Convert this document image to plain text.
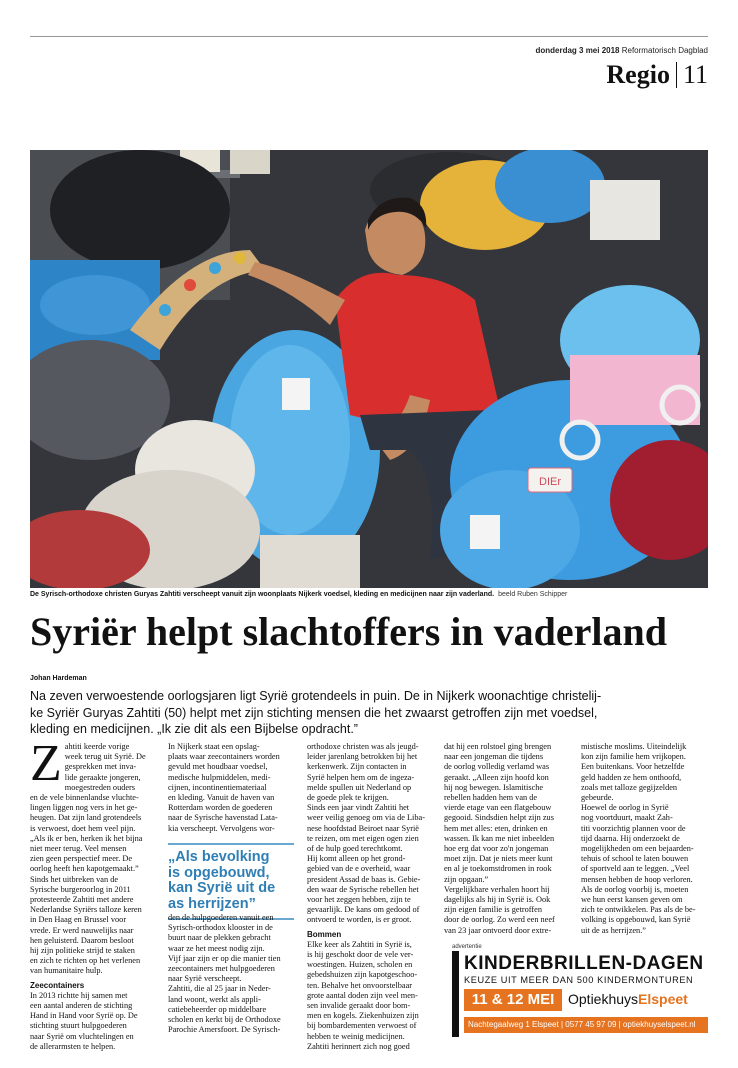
donderdag 3 mei 2018 Reformatorisch Dagblad
Regio 11
DIEr
De Syrisch-orthodoxe christen Guryas Zahtiti verscheept vanuit zijn woonplaats Nijkerk voedsel, kleding en medicijnen naar zijn vaderland. beeld Ruben Schipper
Syriër helpt slachtoffers in vaderland
Johan Hardeman

Na zeven verwoestende oorlogsjaren ligt Syrië grotendeels in puin. De in Nijkerk woonachtige christelij-

ke Syriër Guryas Zahtiti (50) helpt met zijn stichting mensen die het zwaarst getroffen zijn met voedsel,

kleding en medicijnen. „Ik zie dit als een Bijbelse opdracht.”

Z ahtiti keerde vorige

week terug uit Syrië. De

gesprekken met inva-

lide geraakte jongeren,

moegestreden ouders

en de vele binnenlandse vluchte-

lingen liggen nog vers in het ge-

heugen. Dat zijn land grotendeels

is verwoest, doet hem veel pijn.

„Als ik er ben, herken ik het bijna

niet meer terug. Veel mensen

zien geen perspectief meer. De

oorlog heeft hen kapotgemaakt.”

Sinds het uitbreken van de

Syrische burgeroorlog in 2011

protesteerde Zahtiti met andere

Nederlandse Syriërs talloze keren

in Den Haag en Brussel voor

vrede. Er werd nauwelijks naar

hen geluisterd. Daarom besloot

hij zijn politieke strijd te staken

en zich te richten op het verlenen

van humanitaire hulp.

Zeecontainers

In 2013 richtte hij samen met

een aantal anderen de stichting

Hand in Hand voor Syrië op. De

stichting stuurt hulpgoederen

naar Syrië om vluchtelingen en

de allerarmsten te helpen.

In Nijkerk staat een opslag-

plaats waar zeecontainers worden

gevuld met houdbaar voedsel,

medische hulpmiddelen, medi-

cijnen, incontinentiemateriaal

en kleding. Vanuit de haven van

Rotterdam worden de goederen

naar de Syrische havenstad Lata-

kia verscheept. Vervolgens wor-

„Als bevolking

is opgebouwd,

kan Syrië uit de

as herrijzen”

den de hulpgoederen vanuit een

Syrisch-orthodox klooster in de

buurt naar de plekken gebracht

waar ze het meest nodig zijn.

Vijf jaar zijn er op die manier tien

zeecontainers met hulpgoederen

naar Syrië verscheept.

Zahtiti, die al 25 jaar in Neder-

land woont, werkt als appli-

catiebeheerder op middelbare

scholen en kerkt bij de Orthodoxe

Parochie Amersfoort. De Syrisch-

orthodoxe christen was als jeugd-

leider jarenlang betrokken bij het

kerkenwerk. Zijn contacten in

Syrië helpen hem om de ingeza-

melde spullen uit Nederland op

de goede plek te krijgen.

Sinds een jaar vindt Zahtiti het

weer veilig genoeg om via de Liba-

nese hoofdstad Beiroet naar Syrië

te reizen, om met eigen ogen zien

of de hulp goed terechtkomt.

Hij komt alleen op het grond-

gebied van de e overheid, waar

president Assad de baas is. Gebie-

den waar de Syrische rebellen het

voor het zeggen hebben, zijn te

gevaarlijk. De kans om gedood of

ontvoerd te worden, is er groot.

Bommen

Elke keer als Zahtiti in Syrië is,

is hij geschokt door de vele ver-

woestingen. Huizen, scholen en

gebedshuizen zijn kapotgeschoo-

ten. Behalve het onvoorstelbaar

grote aantal doden zijn veel men-

sen invalide geraakt door bom-

men en kogels. Ziekenhuizen zijn

bij bombardementen verwoest of

hebben te weinig medicijnen.

Zahtiti herinnert zich nog goed

dat hij een rolstoel ging brengen

naar een jongeman die tijdens

de oorlog volledig verlamd was

geraakt. „Alleen zijn hoofd kon

hij nog bewegen. Islamitische

rebellen hadden hem van de

vierde etage van een flatgebouw

gegooid. Sindsdien helpt zijn zus

hem met alles: eten, drinken en

wassen. Ik kan me niet inbeelden

hoe erg dat voor zo'n jongeman

moet zijn. Dat je niets meer kunt

en al je toekomstdromen in rook

zijn opgaan.”

Vergelijkbare verhalen hoort hij

dagelijks als hij in Syrië is. Ook

zijn eigen familie is getroffen

door de oorlog. Zo werd een neef

van 23 jaar ontvoerd door extre-

mistische moslims. Uiteindelijk

kon zijn familie hem vrijkopen.

Een buitenkans. Voor hetzelfde

geld hadden ze hem onthoofd,

zoals met talloze gegijzelden

gebeurde.

Hoewel de oorlog in Syrië

nog voortduurt, maakt Zah-

titi voorzichtig plannen voor de

tijd daarna. Hij onderzoekt de

mogelijkheden om een bejaarden-

tehuis of school te laten bouwen

of sportveld aan te leggen. „Veel

mensen hebben de hoop verloren.

Als de oorlog voorbij is, moeten

we hun eerst kansen geven om

zich te ontwikkelen. Pas als de be-

volking is opgebouwd, kan Syrië

uit de as herrijzen.”

advertentie
KINDERBRILLEN-DAGEN
KEUZE UIT MEER DAN 500 KINDERMONTUREN
11 & 12 MEI OptiekhuysElspeet
Nachtegaalweg 1 Elspeet | 0577 45 97 09 | optiekhuyselspeet.nl
